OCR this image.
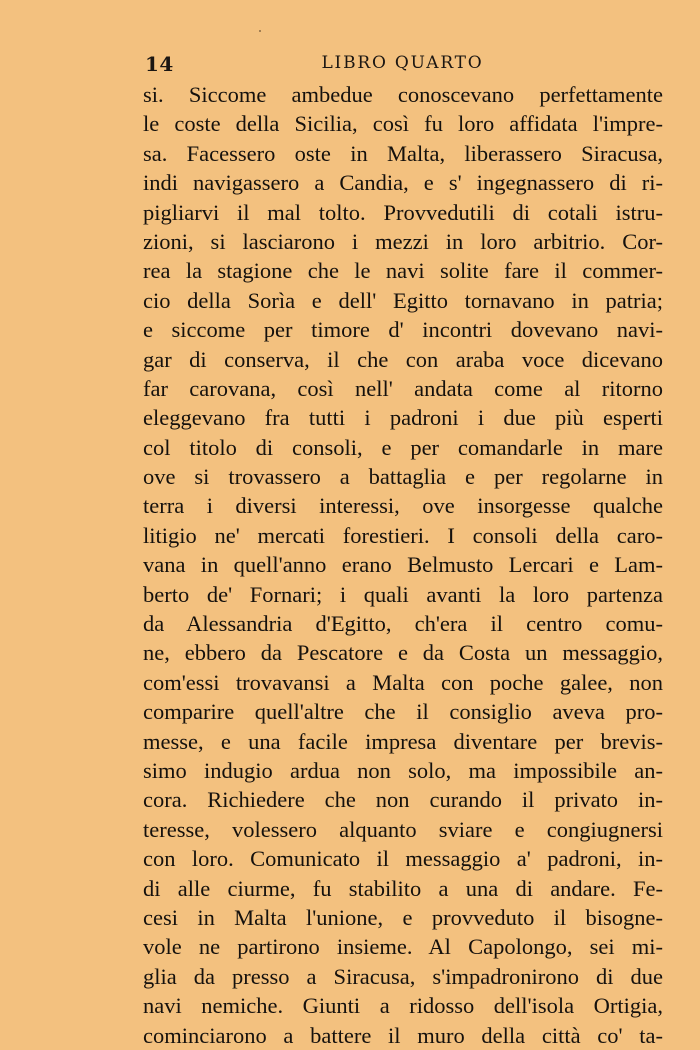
14	LIBRO QUARTO
si. Siccome ambedue conoscevano perfettamente
le coste della Sicilia, così fu loro affidata l'impre-
sa. Facessero oste in Malta, liberassero Siracusa,
indi navigassero a Candia, e s' ingegnassero di ri-
pigliarvi il mal tolto. Provvedutili di cotali istru-
zioni, si lasciarono i mezzi in loro arbitrio. Cor-
rea la stagione che le navi solite fare il commer-
cio della Sorìa e dell' Egitto tornavano in patria;
e siccome per timore d' incontri dovevano navi-
gar di conserva, il che con araba voce dicevano
far carovana, così nell' andata come al ritorno
eleggevano fra tutti i padroni i due più esperti
col titolo di consoli, e per comandarle in mare
ove si trovassero a battaglia e per regolarne in
terra i diversi interessi, ove insorgesse qualche
litigio ne' mercati forestieri. I consoli della caro-
vana in quell'anno erano Belmusto Lercari e Lam-
berto de' Fornari; i quali avanti la loro partenza
da Alessandria d'Egitto, ch'era il centro comu-
ne, ebbero da Pescatore e da Costa un messaggio,
com'essi trovavansi a Malta con poche galee, non
comparire quell'altre che il consiglio aveva pro-
messe, e una facile impresa diventare per brevis-
simo indugio ardua non solo, ma impossibile an-
cora. Richiedere che non curando il privato in-
teresse, volessero alquanto sviare e congiugnersi
con loro. Comunicato il messaggio a' padroni, in-
di alle ciurme, fu stabilito a una di andare. Fe-
cesi in Malta l'unione, e provveduto il bisogne-
vole ne partirono insieme. Al Capolongo, sei mi-
glia da presso a Siracusa, s'impadronirono di due
navi nemiche. Giunti a ridosso dell'isola Ortigia,
cominciarono a battere il muro della città co' ta-
